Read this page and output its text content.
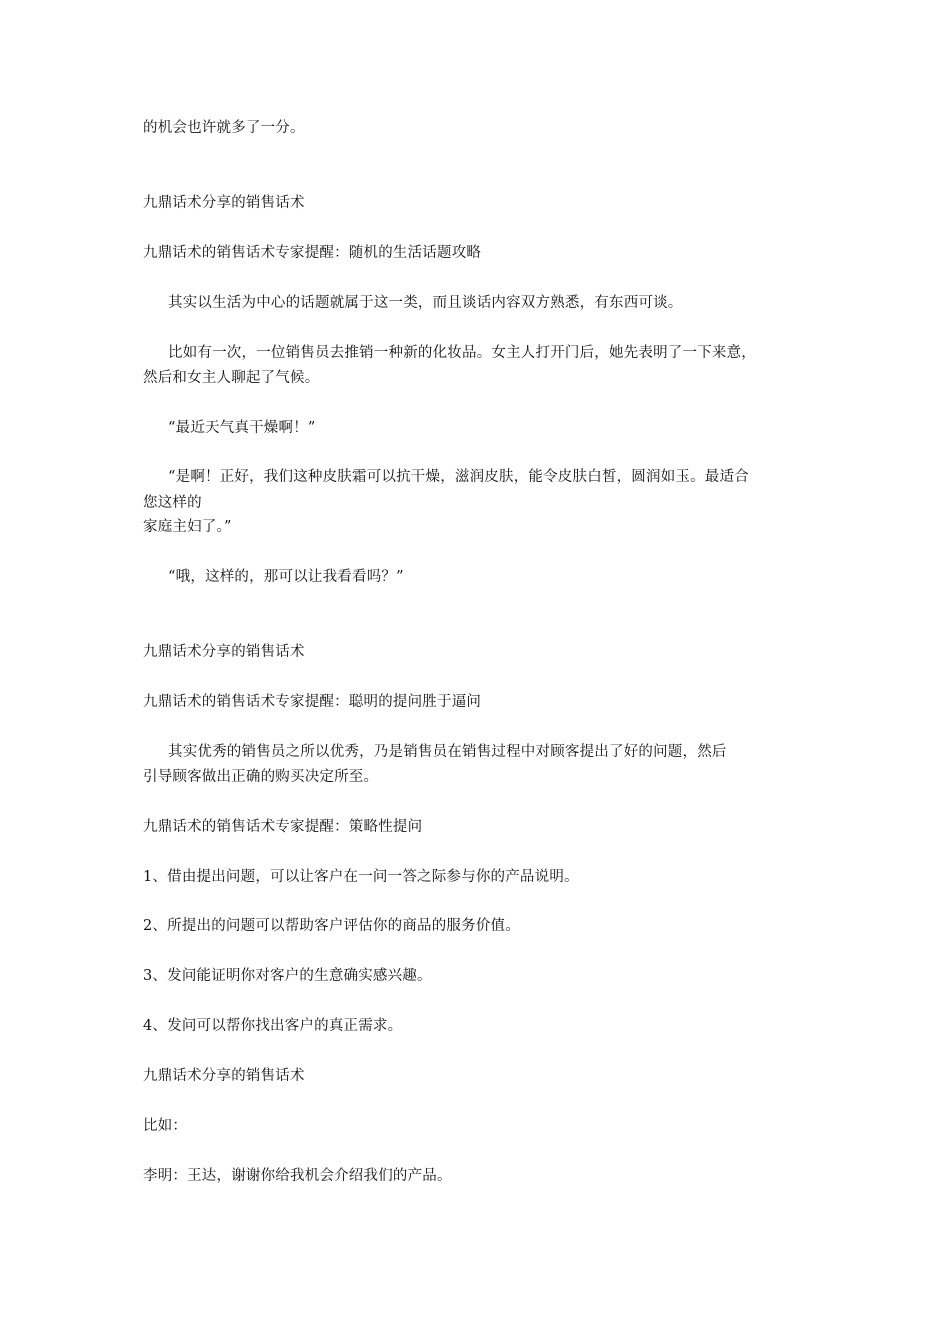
的机会也许就多了一分。
九鼎话术分享的销售话术
九鼎话术的销售话术专家提醒：随机的生活话题攻略
其实以生活为中心的话题就属于这一类，而且谈话内容双方熟悉，有东西可谈。
比如有一次，一位销售员去推销一种新的化妆品。女主人打开门后，她先表明了一下来意，
然后和女主人聊起了气候。
“最近天气真干燥啊！”
“是啊！正好，我们这种皮肤霜可以抗干燥，滋润皮肤，能令皮肤白皙，圆润如玉。最适合
您这样的
家庭主妇了。”
“哦，这样的，那可以让我看看吗？”
九鼎话术分享的销售话术
九鼎话术的销售话术专家提醒：聪明的提问胜于逼问
其实优秀的销售员之所以优秀，乃是销售员在销售过程中对顾客提出了好的问题，然后
引导顾客做出正确的购买决定所至。
九鼎话术的销售话术专家提醒：策略性提问
1、借由提出问题，可以让客户在一问一答之际参与你的产品说明。
2、所提出的问题可以帮助客户评估你的商品的服务价值。
3、发问能证明你对客户的生意确实感兴趣。
4、发问可以帮你找出客户的真正需求。
九鼎话术分享的销售话术
比如：
李明：王达，谢谢你给我机会介绍我们的产品。
